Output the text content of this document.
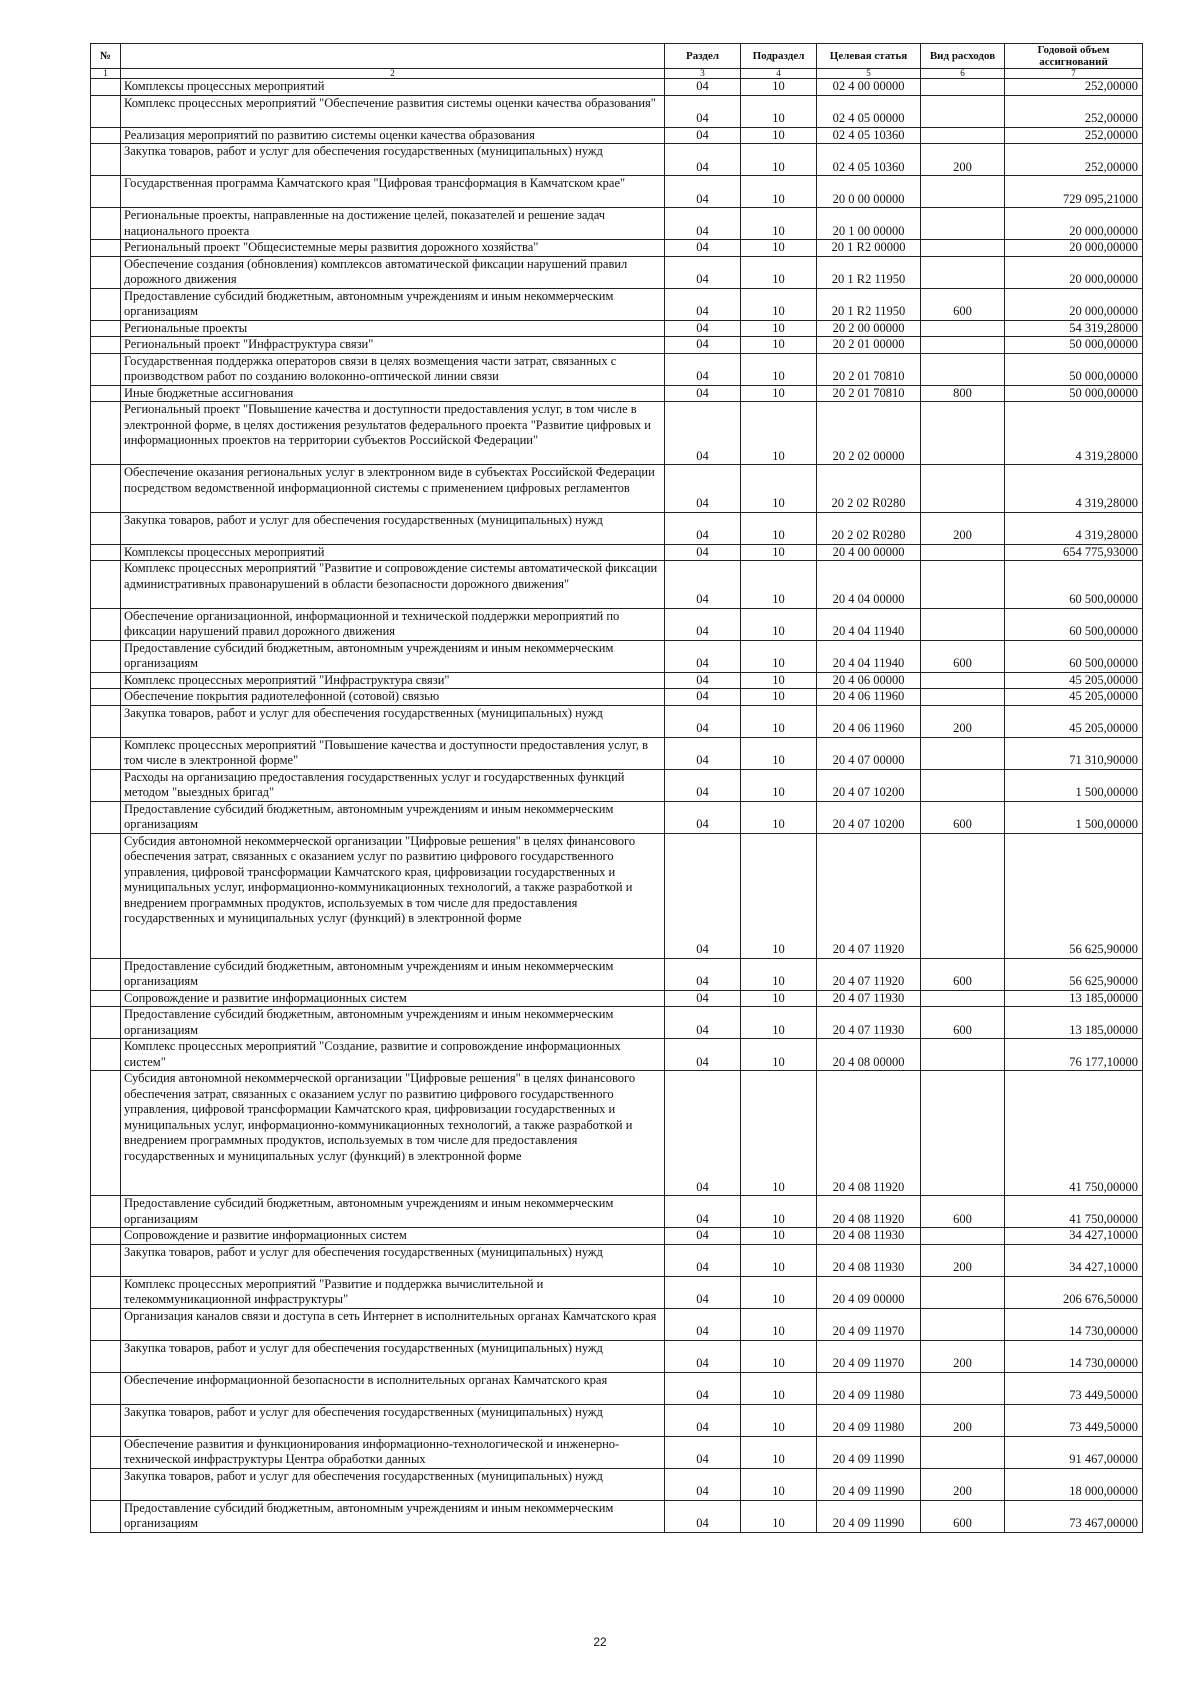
№		Раздел	Подраздел	Целевая статья	Вид расходов	Годовой объем ассигнований
1	2	3	4	5	6	7
	Комплексы процессных мероприятий	04	10	02 4 00 00000		252,00000
	Комплекс процессных мероприятий "Обеспечение развития системы оценки качества образования"	04	10	02 4 05 00000		252,00000
	Реализация мероприятий по развитию системы оценки качества образования	04	10	02 4 05 10360		252,00000
	Закупка товаров, работ и услуг для обеспечения государственных (муниципальных) нужд	04	10	02 4 05 10360	200	252,00000
	Государственная программа Камчатского края "Цифровая трансформация в Камчатском крае"	04	10	20 0 00 00000		729 095,21000
	Региональные проекты, направленные на достижение целей, показателей и решение задач национального проекта	04	10	20 1 00 00000		20 000,00000
	Региональный проект "Общесистемные меры развития дорожного хозяйства"	04	10	20 1 R2 00000		20 000,00000
	Обеспечение создания (обновления) комплексов автоматической фиксации нарушений правил дорожного движения	04	10	20 1 R2 11950		20 000,00000
	Предоставление субсидий бюджетным, автономным учреждениям и иным некоммерческим организациям	04	10	20 1 R2 11950	600	20 000,00000
	Региональные проекты	04	10	20 2 00 00000		54 319,28000
	Региональный проект "Инфраструктура связи"	04	10	20 2 01 00000		50 000,00000
	Государственная поддержка операторов связи в целях возмещения части затрат, связанных с производством работ по созданию волоконно-оптической линии связи	04	10	20 2 01 70810		50 000,00000
	Иные бюджетные ассигнования	04	10	20 2 01 70810	800	50 000,00000
	Региональный проект "Повышение качества и доступности предоставления услуг, в том числе в электронной форме, в целях достижения результатов федерального проекта "Развитие цифровых и информационных проектов на территории субъектов Российской Федерации"	04	10	20 2 02 00000		4 319,28000
	Обеспечение оказания региональных услуг в электронном виде в субъектах Российской Федерации посредством ведомственной информационной системы с применением цифровых регламентов	04	10	20 2 02 R0280		4 319,28000
	Закупка товаров, работ и услуг для обеспечения государственных (муниципальных) нужд	04	10	20 2 02 R0280	200	4 319,28000
	Комплексы процессных мероприятий	04	10	20 4 00 00000		654 775,93000
	Комплекс процессных мероприятий "Развитие и сопровождение системы автоматической фиксации административных правонарушений в области безопасности дорожного движения"	04	10	20 4 04 00000		60 500,00000
	Обеспечение организационной, информационной и технической поддержки мероприятий по фиксации нарушений правил дорожного движения	04	10	20 4 04 11940		60 500,00000
	Предоставление субсидий бюджетным, автономным учреждениям и иным некоммерческим организациям	04	10	20 4 04 11940	600	60 500,00000
	Комплекс процессных мероприятий "Инфраструктура связи"	04	10	20 4 06 00000		45 205,00000
	Обеспечение покрытия радиотелефонной (сотовой) связью	04	10	20 4 06 11960		45 205,00000
	Закупка товаров, работ и услуг для обеспечения государственных (муниципальных) нужд	04	10	20 4 06 11960	200	45 205,00000
	Комплекс процессных мероприятий "Повышение качества и доступности предоставления услуг, в том числе в электронной форме"	04	10	20 4 07 00000		71 310,90000
	Расходы на организацию предоставления государственных услуг и государственных функций методом "выездных бригад"	04	10	20 4 07 10200		1 500,00000
	Предоставление субсидий бюджетным, автономным учреждениям и иным некоммерческим организациям	04	10	20 4 07 10200	600	1 500,00000
	Субсидия автономной некоммерческой организации "Цифровые решения" в целях финансового обеспечения затрат, связанных с оказанием услуг по развитию цифрового государственного управления, цифровой трансформации Камчатского края, цифровизации государственных и муниципальных услуг, информационно-коммуникационных технологий, а также разработкой и внедрением программных продуктов, используемых в том числе для предоставления государственных и муниципальных услуг (функций) в электронной форме	04	10	20 4 07 11920		56 625,90000
	Предоставление субсидий бюджетным, автономным учреждениям и иным некоммерческим организациям	04	10	20 4 07 11920	600	56 625,90000
	Сопровождение и развитие информационных систем	04	10	20 4 07 11930		13 185,00000
	Предоставление субсидий бюджетным, автономным учреждениям и иным некоммерческим организациям	04	10	20 4 07 11930	600	13 185,00000
	Комплекс процессных мероприятий "Создание, развитие и сопровождение информационных систем"	04	10	20 4 08 00000		76 177,10000
	Субсидия автономной некоммерческой организации "Цифровые решения" в целях финансового обеспечения затрат, связанных с оказанием услуг по развитию цифрового государственного управления, цифровой трансформации Камчатского края, цифровизации государственных и муниципальных услуг, информационно-коммуникационных технологий, а также разработкой и внедрением программных продуктов, используемых в том числе для предоставления государственных и муниципальных услуг (функций) в электронной форме	04	10	20 4 08 11920		41 750,00000
	Предоставление субсидий бюджетным, автономным учреждениям и иным некоммерческим организациям	04	10	20 4 08 11920	600	41 750,00000
	Сопровождение и развитие информационных систем	04	10	20 4 08 11930		34 427,10000
	Закупка товаров, работ и услуг для обеспечения государственных (муниципальных) нужд	04	10	20 4 08 11930	200	34 427,10000
	Комплекс процессных мероприятий "Развитие и поддержка вычислительной и телекоммуникационной инфраструктуры"	04	10	20 4 09 00000		206 676,50000
	Организация каналов связи и доступа в сеть Интернет в исполнительных органах Камчатского края	04	10	20 4 09 11970		14 730,00000
	Закупка товаров, работ и услуг для обеспечения государственных (муниципальных) нужд	04	10	20 4 09 11970	200	14 730,00000
	Обеспечение информационной безопасности в исполнительных органах Камчатского края	04	10	20 4 09 11980		73 449,50000
	Закупка товаров, работ и услуг для обеспечения государственных (муниципальных) нужд	04	10	20 4 09 11980	200	73 449,50000
	Обеспечение развития и функционирования информационно-технологической и инженерно-технической инфраструктуры Центра обработки данных	04	10	20 4 09 11990		91 467,00000
	Закупка товаров, работ и услуг для обеспечения государственных (муниципальных) нужд	04	10	20 4 09 11990	200	18 000,00000
	Предоставление субсидий бюджетным, автономным учреждениям и иным некоммерческим организациям	04	10	20 4 09 11990	600	73 467,00000
22
